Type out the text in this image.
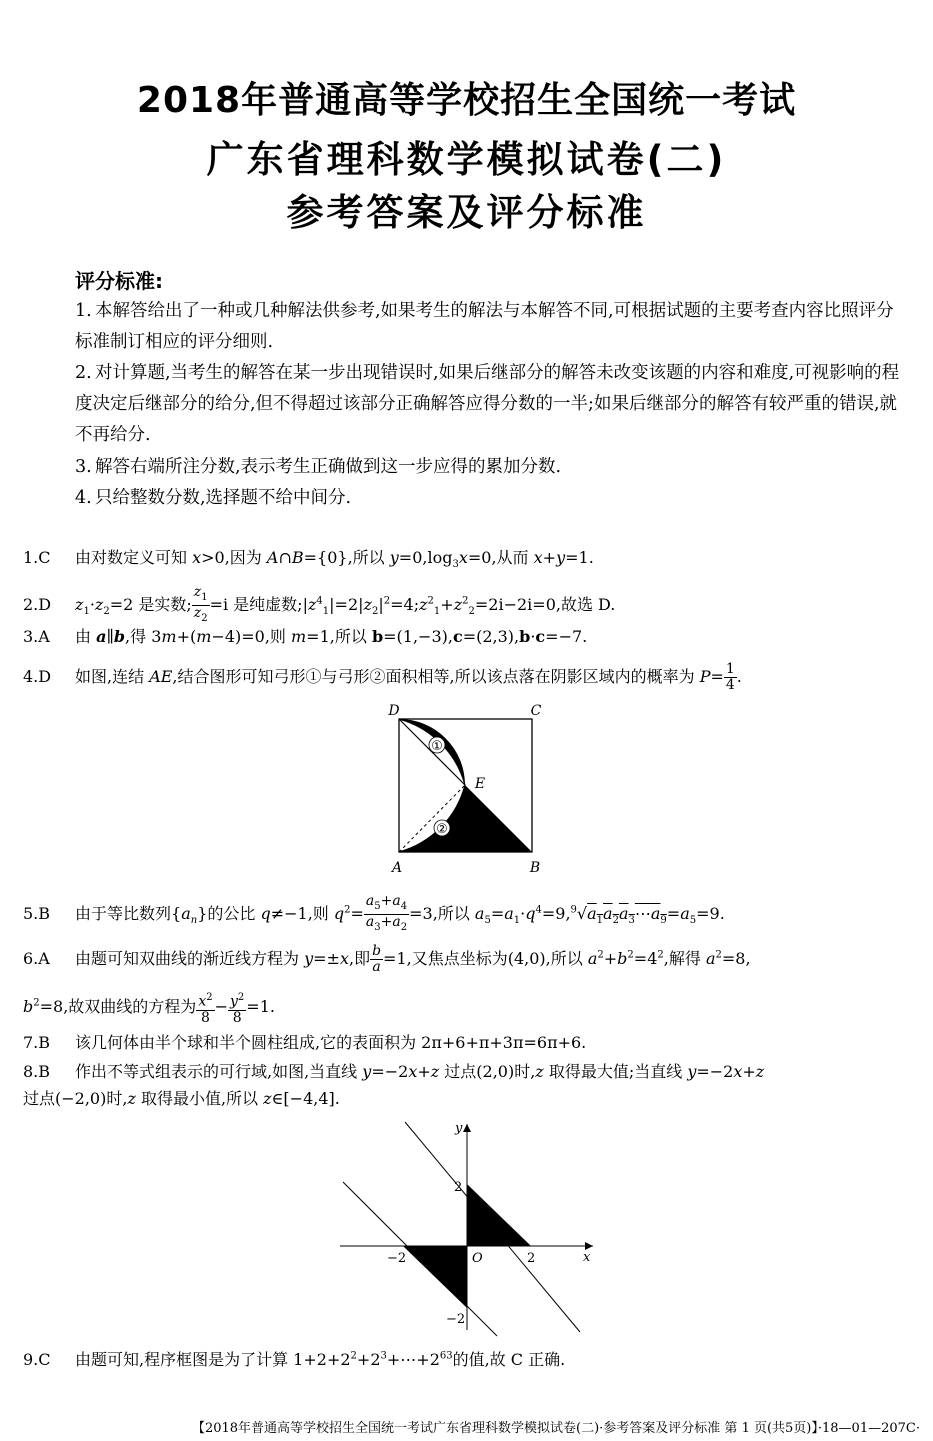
2018年普通高等学校招生全国统一考试
广东省理科数学模拟试卷(二)
参考答案及评分标准
评分标准:
1. 本解答给出了一种或几种解法供参考,如果考生的解法与本解答不同,可根据试题的主要考查内容比照评分标准制订相应的评分细则.
2. 对计算题,当考生的解答在某一步出现错误时,如果后继部分的解答未改变该题的内容和难度,可视影响的程度决定后继部分的给分,但不得超过该部分正确解答应得分数的一半;如果后继部分的解答有较严重的错误,就不再给分.
3. 解答右端所注分数,表示考生正确做到这一步应得的累加分数.
4. 只给整数分数,选择题不给中间分.
1.C 由对数定义可知 x>0,因为 A∩B={0},所以 $y=0,\log_3x=0$,从而 x+y=1.
2.D $z_1\cdot z_2=2$ 是实数; $\frac{z_1}{z_2} =i$ 是纯虚数$;|z^4_1|=2|z_2|^2=4;z^2_1+z^2_2=2i-2i=0$,故选 D.
3.A 由 a∥b,得 3m+(m−4)=0,则 m=1,所以 b=(1,−3),c=(2,3),b·c=−7.
4.D 如图,连结 AE,结合图形可知弓形①与弓形②面积相等,所以该点落在阴影区域内的概率为 $P= \frac{1}{4}$ .
①
②
D	C
A	B
E
5.B 由于等比数列$\{a_n\}$的公比 q≠−1,则 $q^2= \frac{a_5+a_4}{a_3+a_2} =3$,所以 $a_5=a_1\cdot q^4=9,^9√a_1a_2a_3\cdots a_9=a_5=9$.
6.A 由题可知双曲线的渐近线方程为 y=±x,即 $\frac{b}{a} =1$,又焦点坐标为(4,0),所以 $a^2+b^2=4^2$,解得 $a^2=8$,
$b^2=8$,故双曲线的方程为 $\frac{x^2}{8} - \frac{y^2}{8} =1$.
7.B 该几何体由半个球和半个圆柱组成,它的表面积为 2π+6+π+3π=6π+6.
8.B 作出不等式组表示的可行域,如图,当直线 y=−2x+z 过点(2,0)时,z 取得最大值;当直线 y=−2x+z
过点(−2,0)时,z 取得最小值,所以 z∈[−4,4].
y
x
O
2
2
−2
−2
9.C 由题可知,程序框图是为了计算 $1+2+2^2+2^3+\cdots+2^{63}$的值,故 C 正确.
【2018年普通高等学校招生全国统一考试广东省理科数学模拟试卷(二)·参考答案及评分标准 第 1 页(共5页)】·18—01—207C·
